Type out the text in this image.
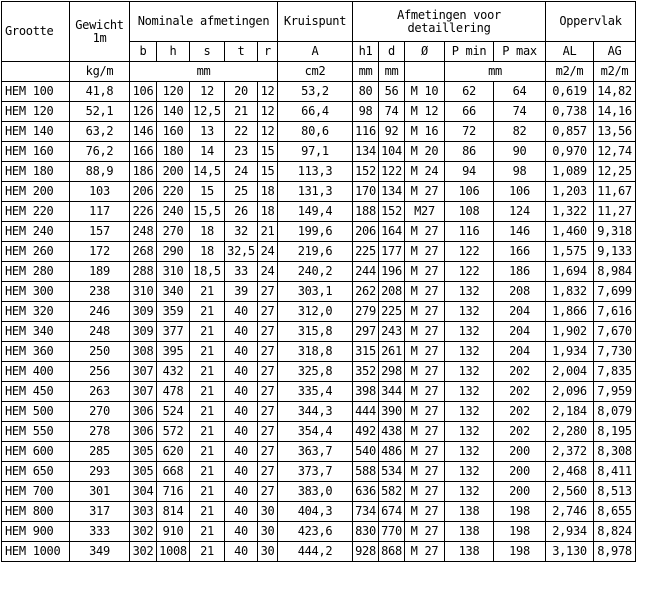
Grootte	Gewicht 1m	Nominale afmetingen					Kruispunt	Afmetingen voor detaillering					Oppervlak	
		b	h	s	t	r	A	h1	d	Ø	P min	P max	AL	AG
	kg/m	mm					cm2	mm	mm		mm		m2/m	m2/m
HEM 100	41,8	106	120	12	20	12	53,2	80	56	M 10	62	64	0,619	14,82
HEM 120	52,1	126	140	12,5	21	12	66,4	98	74	M 12	66	74	0,738	14,16
HEM 140	63,2	146	160	13	22	12	80,6	116	92	M 16	72	82	0,857	13,56
HEM 160	76,2	166	180	14	23	15	97,1	134	104	M 20	86	90	0,970	12,74
HEM 180	88,9	186	200	14,5	24	15	113,3	152	122	M 24	94	98	1,089	12,25
HEM 200	103	206	220	15	25	18	131,3	170	134	M 27	106	106	1,203	11,67
HEM 220	117	226	240	15,5	26	18	149,4	188	152	M27	108	124	1,322	11,27
HEM 240	157	248	270	18	32	21	199,6	206	164	M 27	116	146	1,460	9,318
HEM 260	172	268	290	18	32,5	24	219,6	225	177	M 27	122	166	1,575	9,133
HEM 280	189	288	310	18,5	33	24	240,2	244	196	M 27	122	186	1,694	8,984
HEM 300	238	310	340	21	39	27	303,1	262	208	M 27	132	208	1,832	7,699
HEM 320	246	309	359	21	40	27	312,0	279	225	M 27	132	204	1,866	7,616
HEM 340	248	309	377	21	40	27	315,8	297	243	M 27	132	204	1,902	7,670
HEM 360	250	308	395	21	40	27	318,8	315	261	M 27	132	204	1,934	7,730
HEM 400	256	307	432	21	40	27	325,8	352	298	M 27	132	202	2,004	7,835
HEM 450	263	307	478	21	40	27	335,4	398	344	M 27	132	202	2,096	7,959
HEM 500	270	306	524	21	40	27	344,3	444	390	M 27	132	202	2,184	8,079
HEM 550	278	306	572	21	40	27	354,4	492	438	M 27	132	202	2,280	8,195
HEM 600	285	305	620	21	40	27	363,7	540	486	M 27	132	200	2,372	8,308
HEM 650	293	305	668	21	40	27	373,7	588	534	M 27	132	200	2,468	8,411
HEM 700	301	304	716	21	40	27	383,0	636	582	M 27	132	200	2,560	8,513
HEM 800	317	303	814	21	40	30	404,3	734	674	M 27	138	198	2,746	8,655
HEM 900	333	302	910	21	40	30	423,6	830	770	M 27	138	198	2,934	8,824
HEM 1000	349	302	1008	21	40	30	444,2	928	868	M 27	138	198	3,130	8,978
